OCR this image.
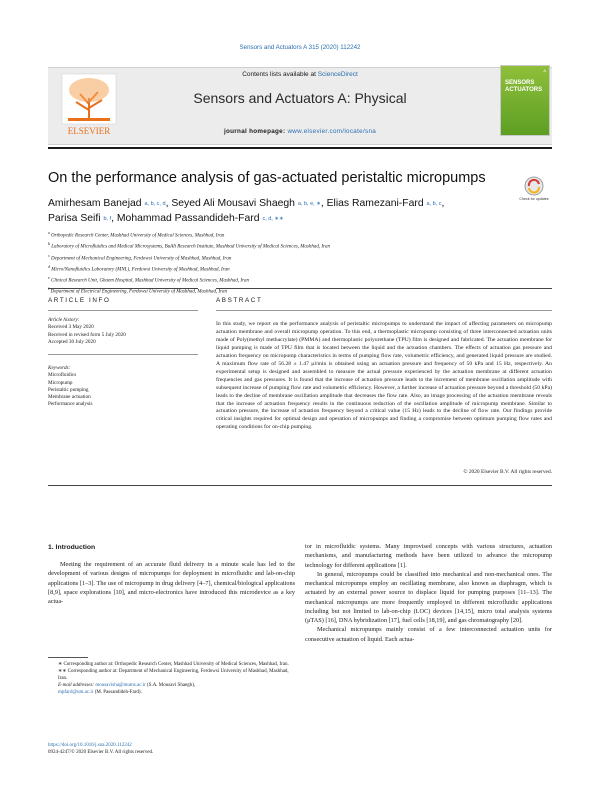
Sensors and Actuators A 315 (2020) 112242
ELSEVIER
Contents lists available at ScienceDirect
Sensors and Actuators A: Physical
journal homepage: www.elsevier.com/locate/sna
A
SENSORS
ACTUATORS
On the performance analysis of gas-actuated peristaltic micropumps
Check for updates
Amirhesam Banejad $^{a, b, c, d}$, Seyed Ali Mousavi Shaegh $^{a, b, e, ∗}$, Elias Ramezani-Fard $^{a, b, c}$,
Parisa Seifi $^{b, f}$, Mohammad Passandideh-Fard $^{c, d, ∗∗}$
$^a$ Orthopedic Research Center, Mashhad University of Medical Sciences, Mashhad, Iran
$^b$ Laboratory of Microfluidics and Medical Microsystems, BuAli Research Institute, Mashhad University of Medical Sciences, Mashhad, Iran
$^c$ Department of Mechanical Engineering, Ferdowsi University of Mashhad, Mashhad, Iran
$^d$ Micro/Nanofluidics Laboratory (MNL), Ferdowsi University of Mashhad, Mashhad, Iran
$^e$ Clinical Research Unit, Ghaem Hospital, Mashhad University of Medical Sciences, Mashhad, Iran
Department of Electrical Engineering, Ferdowsi University of Mashhad, Mashhad, Iran
ARTICLE INFO	ABSTRACT
Article history:
Received 3 May 2020
Received in revised form 5 July 2020
Accepted 30 July 2020
Keywords:
Microfluidics
Micropump
Peristaltic pumping
Membrane actuation
Performance analysis
In this study, we report on the performance analysis of peristaltic micropumps to understand the impact of affecting parameters on micropump actuation membrane and overall micropump operation. To this end, a thermoplastic micropump consisting of three interconnected actuation units made of Poly(methyl methacrylate) (PMMA) and thermoplastic polyurethane (TPU) film is designed and fabricated. The actuation membrane for liquid pumping is made of TPU film that is located between the liquid and the actuation chambers. The effects of actuation gas pressure and actuation frequency on micropump characteristics in terms of pumping flow rate, volumetric efficiency, and generated liquid pressure are studied. A maximum flow rate of 56.28 ± 1.47 μl/min is obtained using an actuation pressure and frequency of 50 kPa and 15 Hz, respectively. An experimental setup is designed and assembled to measure the actual pressure experienced by the actuation membrane at different actuation frequencies and gas pressures. It is found that the increase of actuation pressure leads to the increment of membrane oscillation amplitude with subsequent increase of pumping flow rate and volumetric efficiency. However, a further increase of actuation pressure beyond a threshold (50 kPa) leads to the decline of membrane oscillation amplitude that decreases the flow rate. Also, an image processing of the actuation membrane reveals that the increase of actuation frequency results in the continuous reduction of the oscillation amplitude of micropump membrane. Similar to actuation pressure, the increase of actuation frequency beyond a critical value (15 Hz) leads to the decline of flow rate. Our findings provide critical insights required for optimal design and operation of micropumps and finding a compromise between optimum pumping flow rates and operating conditions for on-chip pumping.
© 2020 Elsevier B.V. All rights reserved.
1. Introduction

Meeting the requirement of an accurate fluid delivery in a minute scale has led to the development of various designs of micropumps for deployment in microfluidic and lab-on-chip applications [1–3]. The use of micropump in drug delivery [4–7], chemical/biological applications [8,9], space explorations [10], and micro-electronics have introduced this microdevice as a key actua-

tor in microfluidic systems. Many improvised concepts with various structures, actuation mechanisms, and manufacturing methods have been utilized to advance the micropump technology for different applications [1].

In general, micropumps could be classified into mechanical and non-mechanical ones. The mechanical micropumps employ an oscillating membrane, also known as diaphragm, which is actuated by an external power source to displace liquid for pumping purposes [11–13]. The mechanical micropumps are more frequently employed in different microfluidic applications including but not limited to lab-on-chip (LOC) devices [14,15], micro total analysis systems (μTAS) [16], DNA hybridization [17], fuel cells [18,19], and gas chromatography [20].

Mechanical micropumps mainly consist of a few interconnected actuation units for consecutive actuation of liquid. Each actua-

∗ Corresponding author at: Orthopedic Research Center, Mashhad University of Medical Sciences, Mashhad, Iran.
∗∗ Corresponding author at: Department of Mechanical Engineering, Ferdowsi University of Mashhad, Mashhad, Iran.
E-mail addresses: mousavisha@mums.ac.ir (S.A. Mousavi Shaegh),
mpfard@um.ac.ir (M. Passandideh-Fard).
https://doi.org/10.1016/j.sna.2020.112242
0924-4247/© 2020 Elsevier B.V. All rights reserved.
